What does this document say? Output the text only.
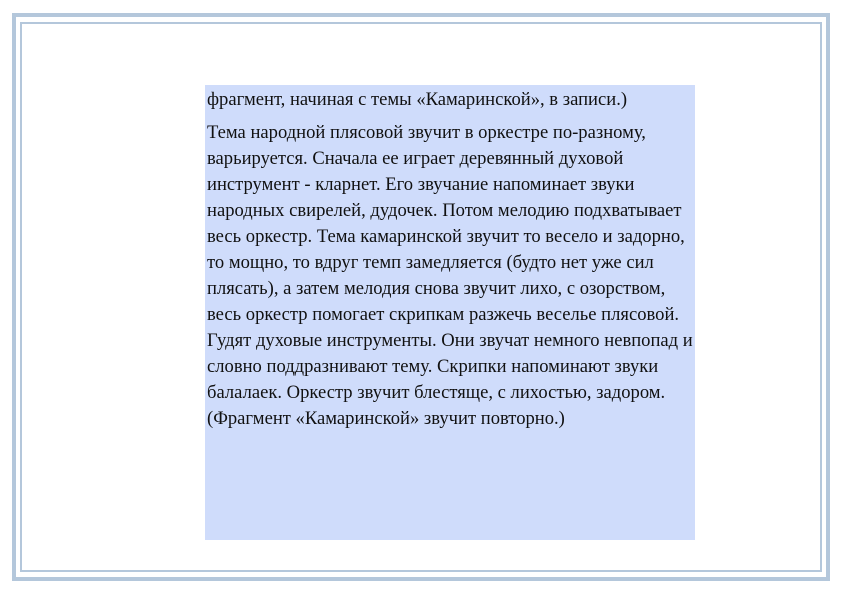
фрагмент, начиная с темы «Камаринской», в записи.)

Тема народной плясовой звучит в оркестре по-разному, варьируется. Сначала ее играет деревянный духовой инструмент - кларнет. Его звучание напоминает звуки народных свирелей, дудочек. Потом мелодию подхватывает весь оркестр. Тема камаринской звучит то весело и задорно, то мощно, то вдруг темп замедляется (будто нет уже сил плясать), а затем мелодия снова звучит лихо, с озорством, весь оркестр помогает скрипкам разжечь веселье плясовой. Гудят духовые инструменты. Они звучат немного невпопад и словно поддразнивают тему. Скрипки напоминают звуки балалаек. Оркестр звучит блестяще, с лихостью, задором. (Фрагмент «Камаринской» звучит повторно.)
